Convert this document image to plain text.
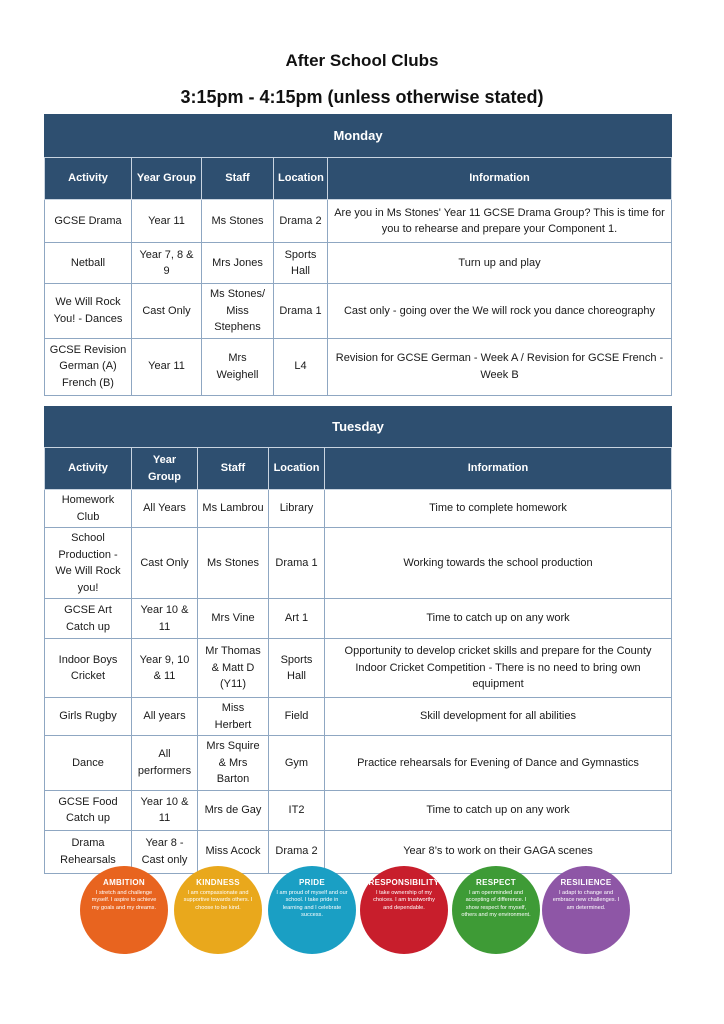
After School Clubs
3:15pm - 4:15pm (unless otherwise stated)
Monday				
Activity	Year Group	Staff	Location	Information
GCSE Drama	Year 11	Ms Stones	Drama 2	Are you in Ms Stones' Year 11 GCSE Drama Group? This is time for you to rehearse and prepare your Component 1.
Netball	Year 7, 8 & 9	Mrs Jones	Sports Hall	Turn up and play
We Will Rock You! - Dances	Cast Only	Ms Stones/ Miss Stephens	Drama 1	Cast only - going over the We will rock you dance choreography
GCSE Revision German (A) French (B)	Year 11	Mrs Weighell	L4	Revision for GCSE German - Week A / Revision for GCSE French - Week B
Tuesday				
Activity	Year Group	Staff	Location	Information
Homework Club	All Years	Ms Lambrou	Library	Time to complete homework
School Production - We Will Rock you!	Cast Only	Ms Stones	Drama 1	Working towards the school production
GCSE Art Catch up	Year 10 & 11	Mrs Vine	Art 1	Time to catch up on any work
Indoor Boys Cricket	Year 9, 10 & 11	Mr Thomas & Matt D (Y11)	Sports Hall	Opportunity to develop cricket skills and prepare for the County Indoor Cricket Competition - There is no need to bring own equipment
Girls Rugby	All years	Miss Herbert	Field	Skill development for all abilities
Dance	All performers	Mrs Squire & Mrs Barton	Gym	Practice rehearsals for Evening of Dance and Gymnastics
GCSE Food Catch up	Year 10 & 11	Mrs de Gay	IT2	Time to catch up on any work
Drama Rehearsals	Year 8 - Cast only	Miss Acock	Drama 2	Year 8’s to work on their GAGA scenes
AMBITION
I stretch and challenge myself. I aspire to achieve my goals and my dreams.
KINDNESS
I am compassionate and supportive towards others. I choose to be kind.
PRIDE
I am proud of myself and our school. I take pride in learning and I celebrate success.
RESPONSIBILITY
I take ownership of my choices. I am trustworthy and dependable.
RESPECT
I am openminded and accepting of difference. I show respect for myself, others and my environment.
RESILIENCE
I adapt to change and embrace new challenges. I am determined.
